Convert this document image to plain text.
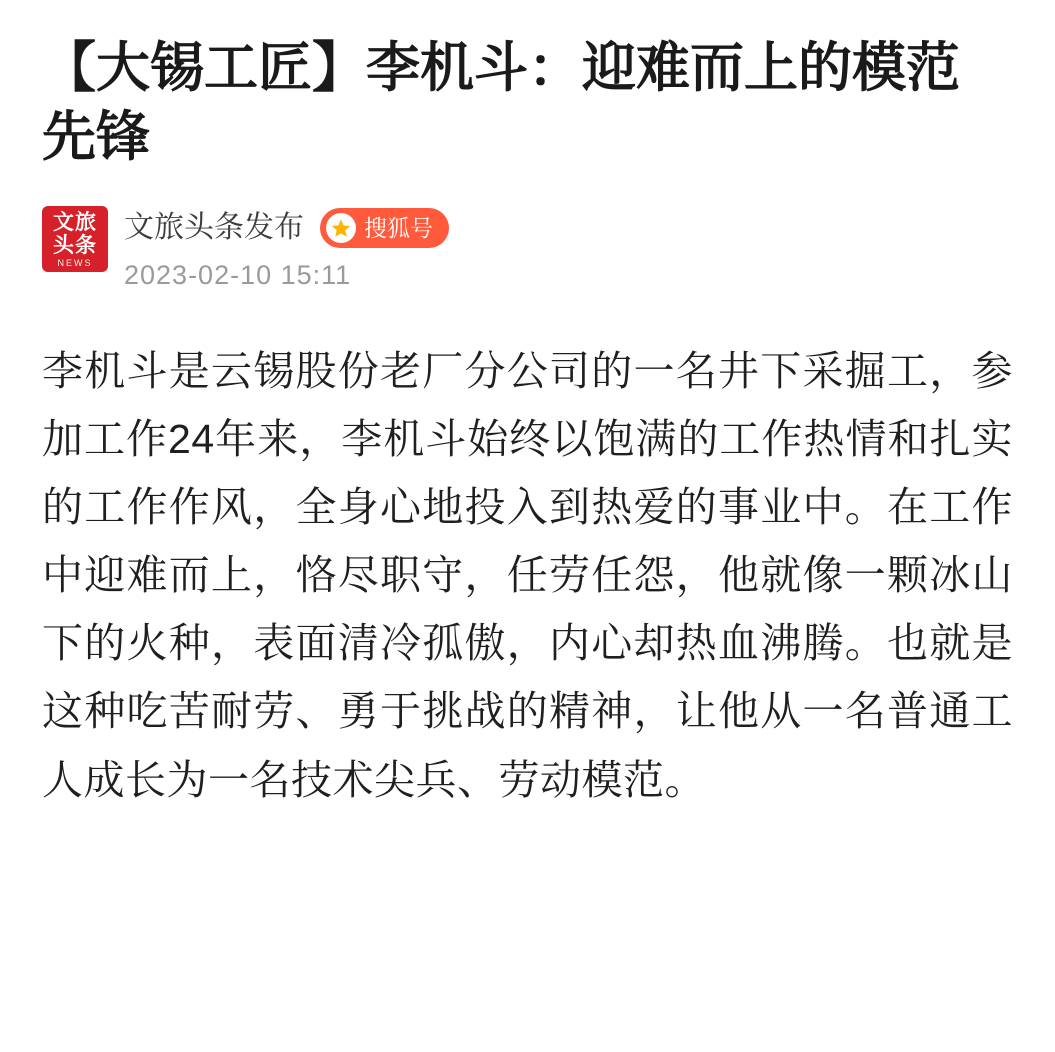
【大锡工匠】李机斗：迎难而上的模范先锋
文旅
头条
NEWS
文旅头条发布	搜狐号
2023-02-10 15:11

李机斗是云锡股份老厂分公司的一名井下采掘工，参加工作24年来，李机斗始终以饱满的工作热情和扎实的工作作风，全身心地投入到热爱的事业中。在工作中迎难而上，恪尽职守，任劳任怨，他就像一颗冰山下的火种，表面清冷孤傲，内心却热血沸腾。也就是这种吃苦耐劳、勇于挑战的精神，让他从一名普通工人成长为一名技术尖兵、劳动模范。
